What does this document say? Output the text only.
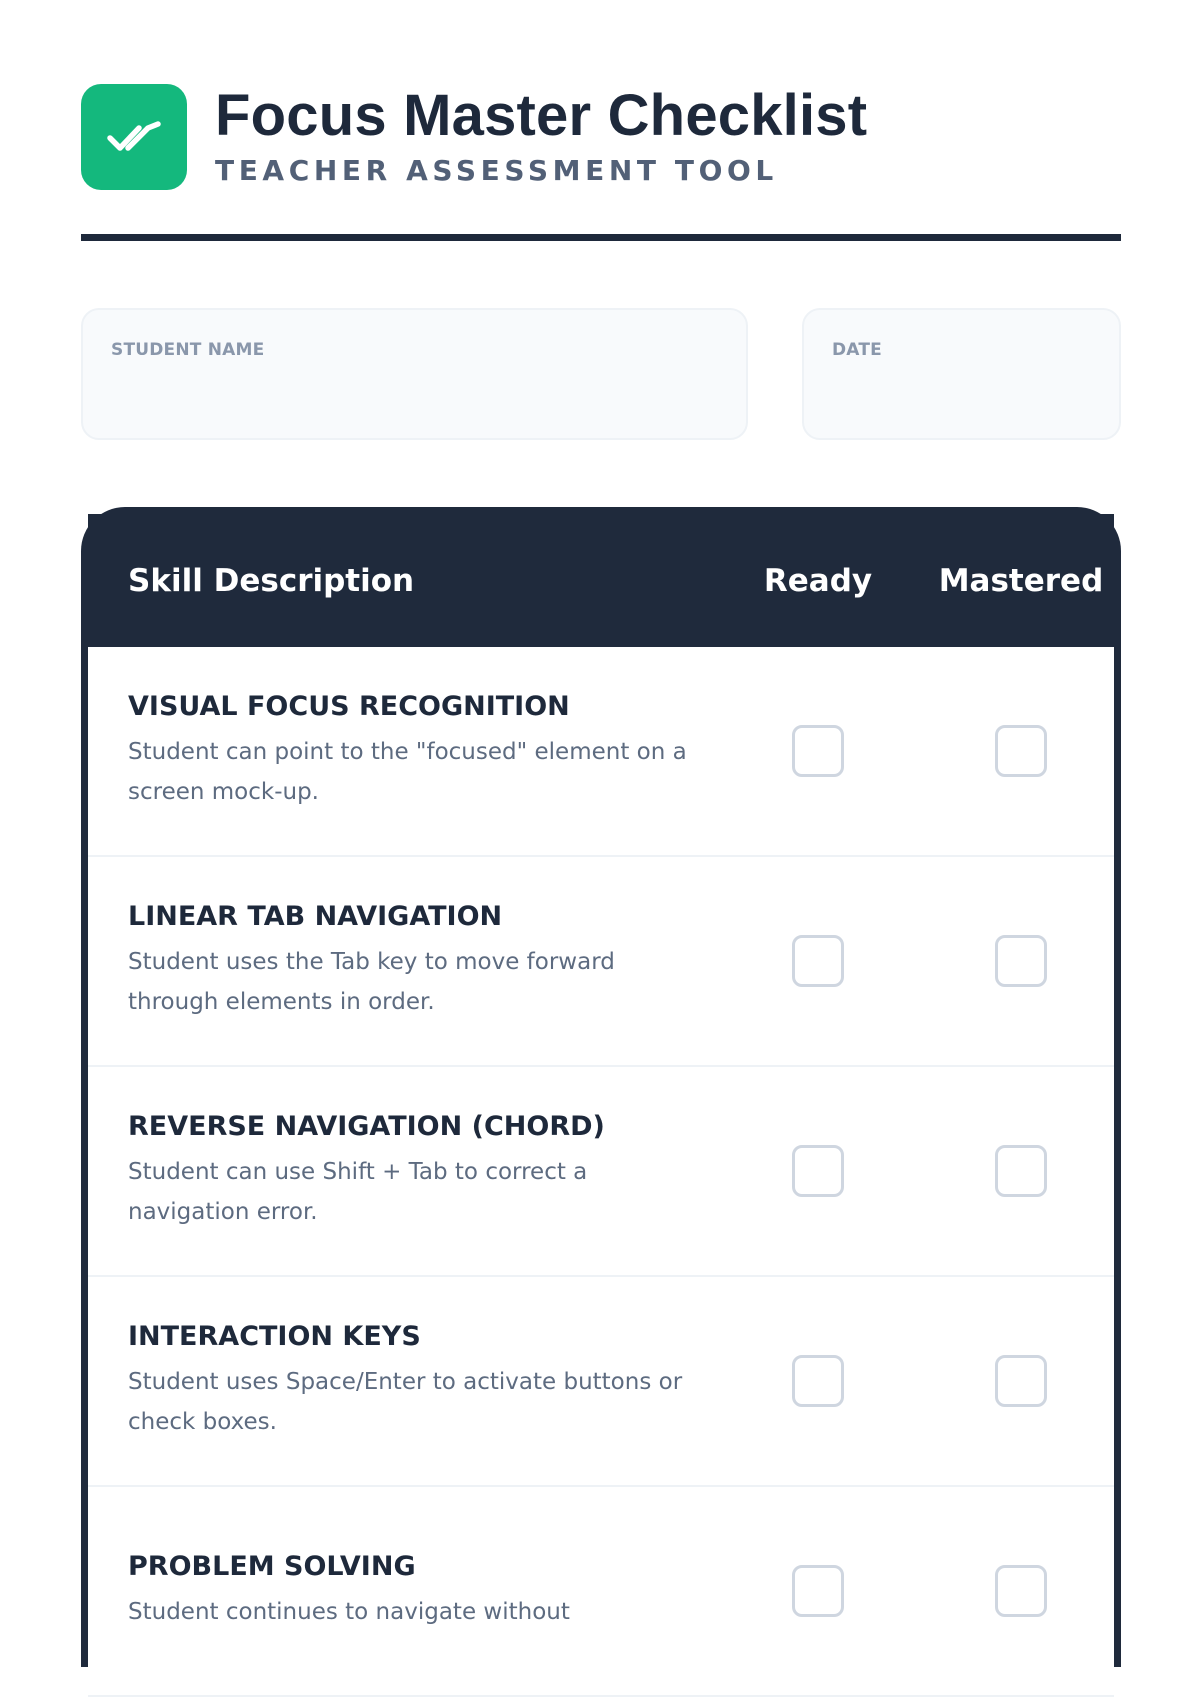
Focus Master Checklist
TEACHER ASSESSMENT TOOL
STUDENT NAME	DATE
Skill Description	Ready	Mastered
VISUAL FOCUS RECOGNITION
Student can point to the "focused" element on a screen mock-up.
LINEAR TAB NAVIGATION
Student uses the Tab key to move forward through elements in order.
REVERSE NAVIGATION (CHORD)
Student can use Shift + Tab to correct a navigation error.
INTERACTION KEYS
Student uses Space/Enter to activate buttons or check boxes.
PROBLEM SOLVING
Student continues to navigate without
